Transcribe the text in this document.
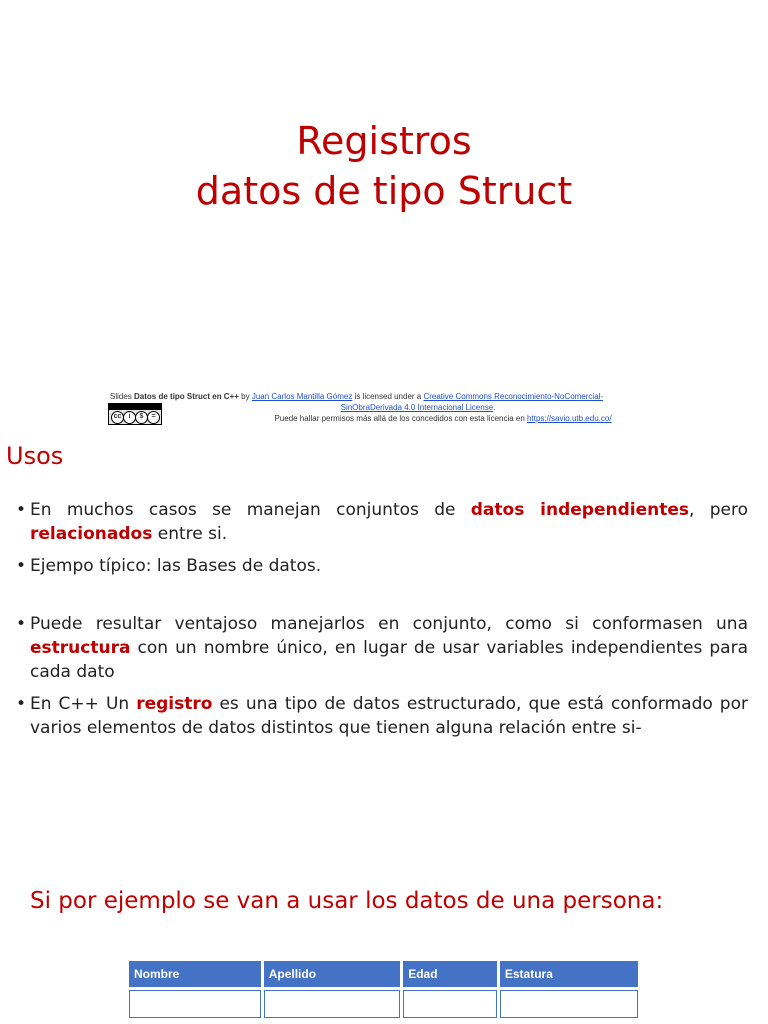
Registros
datos de tipo Struct
cc	i	$	=
Slides Datos de tipo Struct en C++ by Juan Carlos Mantilla Gómez is licensed under a Creative Commons Reconocimiento-NoComercial-
SinObraDerivada 4.0 Internacional License.
Puede hallar permisos más allá de los concedidos con esta licencia en https://savio.utb.edu.co/
Usos
• En muchos casos se manejan conjuntos de datos independientes, pero relacionados entre si.
• Ejempo típico: las Bases de datos.
• Puede resultar ventajoso manejarlos en conjunto, como si conformasen una estructura con un nombre único, en lugar de usar variables independientes para cada dato
• En C++ Un registro es una tipo de datos estructurado, que está conformado por varios elementos de datos distintos que tienen alguna relación entre si-
Si por ejemplo se van a usar los datos de una persona:
Nombre	Apellido	Edad	Estatura
